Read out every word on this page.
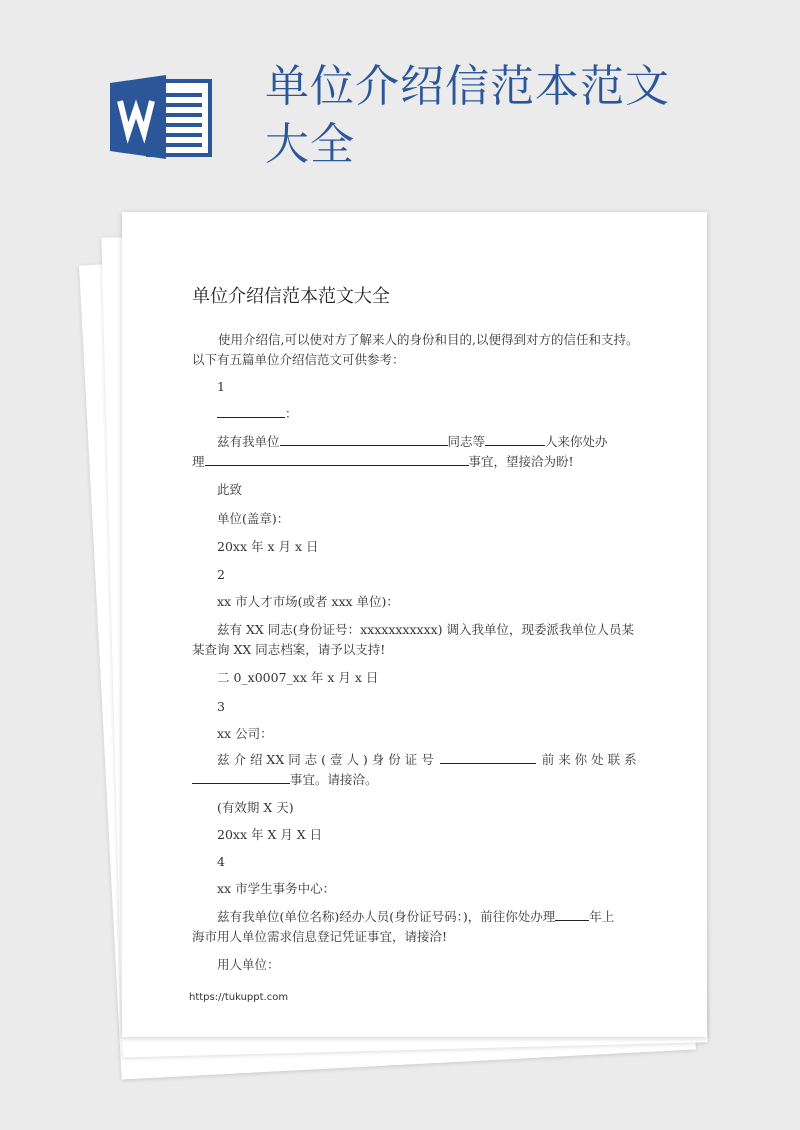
单位介绍信范本范文大全
单位介绍信范本范文大全
使用介绍信,可以使对方了解来人的身份和目的,以便得到对方的信任和支持。以下有五篇单位介绍信范文可供参考：
1
：
兹有我单位	同志等	人来你处办
理	事宜，望接洽为盼!
此致
单位(盖章)：
20xx 年 x 月 x 日
2
xx 市人才市场(或者 xxx 单位)：
兹有 XX 同志(身份证号：xxxxxxxxxxx) 调入我单位，现委派我单位人员某
某查询 XX 同志档案，请予以支持!
二 0_x0007_xx 年 x 月 x 日
3
xx 公司：
兹 介 绍 XX 同 志 ( 壹 人 ) 身 份 证 号	前 来 你 处 联 系
事宜。请接洽。
(有效期 X 天)
20xx 年 X 月 X 日
4
xx 市学生事务中心：
兹有我单位(单位名称)经办人员(身份证号码：)，前往你处办理	年上
海市用人单位需求信息登记凭证事宜，请接洽!
用人单位：
https://tukuppt.com
